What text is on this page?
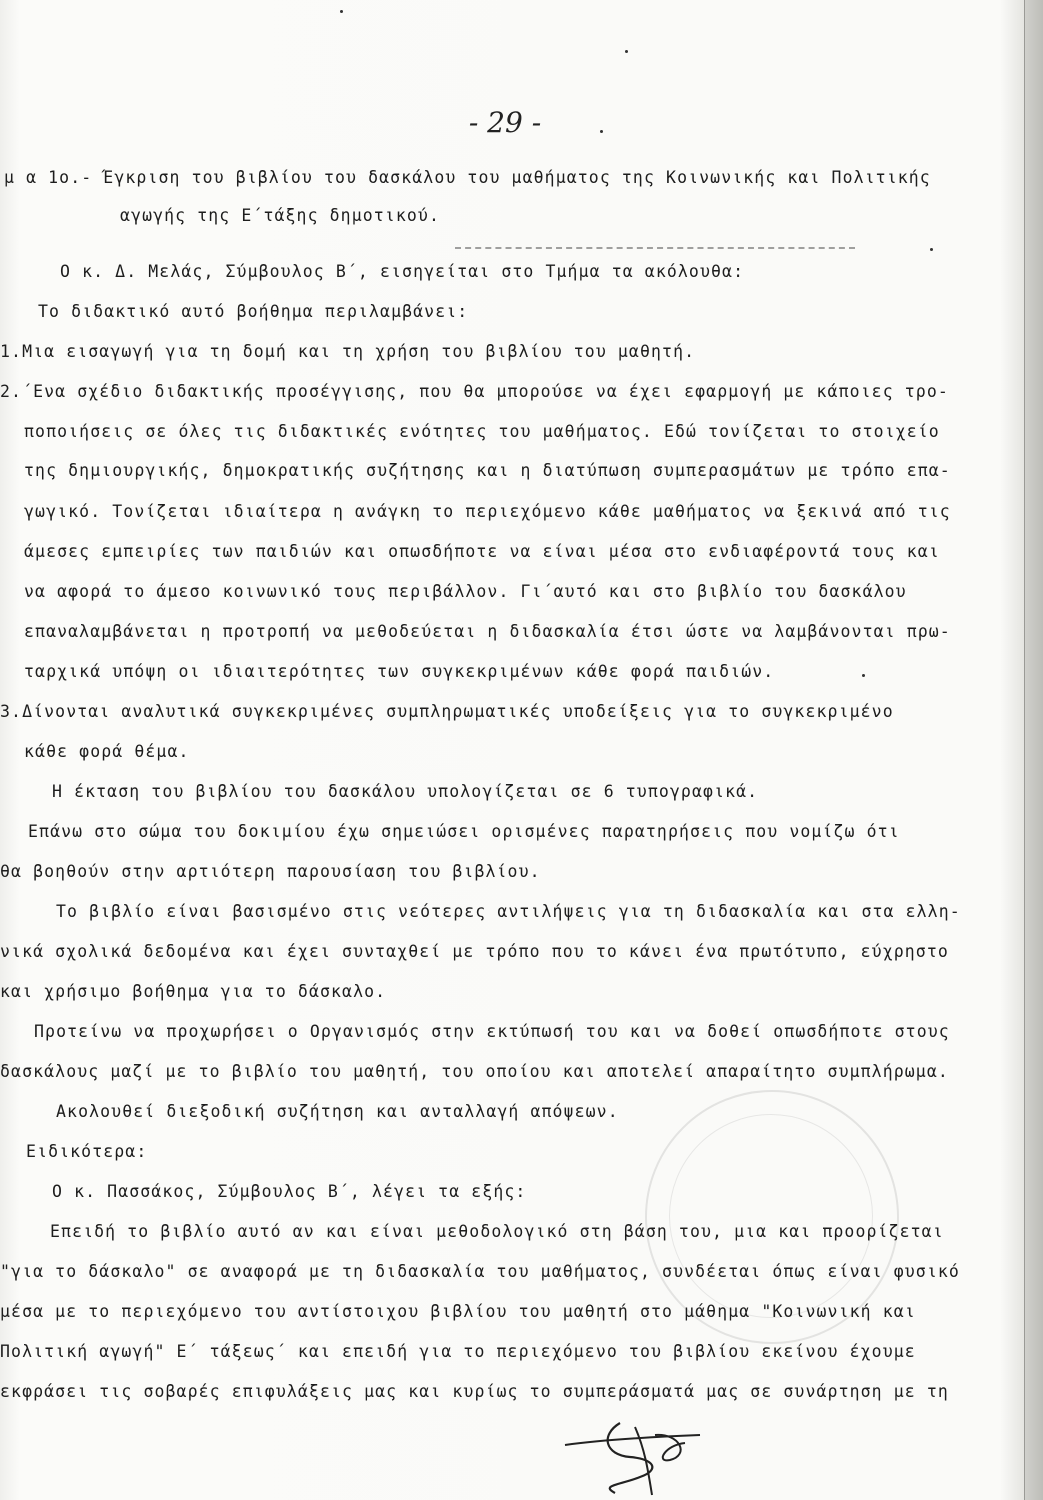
- 29 -
μ α 1ο.- Έγκριση του βιβλίου του δασκάλου του μαθήματος της Κοινωνικής και Πολιτικής
αγωγής της Ε΄τάξης δημοτικού.
Ο κ. Δ. Μελάς, Σύμβουλος Β΄, εισηγείται στο Τμήμα τα ακόλουθα:
Το διδακτικό αυτό βοήθημα περιλαμβάνει:
1.Μια εισαγωγή για τη δομή και τη χρήση του βιβλίου του μαθητή.
2.΄Ενα σχέδιο διδακτικής προσέγγισης, που θα μπορούσε να έχει εφαρμογή με κάποιες τρο-
ποποιήσεις σε όλες τις διδακτικές ενότητες του μαθήματος. Εδώ τονίζεται το στοιχείο
της δημιουργικής, δημοκρατικής συζήτησης και η διατύπωση συμπερασμάτων με τρόπο επα-
γωγικό. Τονίζεται ιδιαίτερα η ανάγκη το περιεχόμενο κάθε μαθήματος να ξεκινά από τις
άμεσες εμπειρίες των παιδιών και οπωσδήποτε να είναι μέσα στο ενδιαφέροντά τους και
να αφορά το άμεσο κοινωνικό τους περιβάλλον. Γι΄αυτό και στο βιβλίο του δασκάλου
επαναλαμβάνεται η προτροπή να μεθοδεύεται η διδασκαλία έτσι ώστε να λαμβάνονται πρω-
ταρχικά υπόψη οι ιδιαιτερότητες των συγκεκριμένων κάθε φορά παιδιών.
3.Δίνονται αναλυτικά συγκεκριμένες συμπληρωματικές υποδείξεις για το συγκεκριμένο
κάθε φορά θέμα.
Η έκταση του βιβλίου του δασκάλου υπολογίζεται σε 6 τυπογραφικά.
Επάνω στο σώμα του δοκιμίου έχω σημειώσει ορισμένες παρατηρήσεις που νομίζω ότι
θα βοηθούν στην αρτιότερη παρουσίαση του βιβλίου.
Το βιβλίο είναι βασισμένο στις νεότερες αντιλήψεις για τη διδασκαλία και στα ελλη-
νικά σχολικά δεδομένα και έχει συνταχθεί με τρόπο που το κάνει ένα πρωτότυπο, εύχρηστο
και χρήσιμο βοήθημα για το δάσκαλο.
Προτείνω να προχωρήσει ο Οργανισμός στην εκτύπωσή του και να δοθεί οπωσδήποτε στους
δασκάλους μαζί με το βιβλίο του μαθητή, του οποίου και αποτελεί απαραίτητο συμπλήρωμα.
Ακολουθεί διεξοδική συζήτηση και ανταλλαγή απόψεων.
Ειδικότερα:
Ο κ. Πασσάκος, Σύμβουλος Β΄, λέγει τα εξής:
Επειδή το βιβλίο αυτό αν και είναι μεθοδολογικό στη βάση του, μια και προορίζεται
"για το δάσκαλο" σε αναφορά με τη διδασκαλία του μαθήματος, συνδέεται όπως είναι φυσικό
μέσα με το περιεχόμενο του αντίστοιχου βιβλίου του μαθητή στο μάθημα "Κοινωνική και
Πολιτική αγωγή" Ε΄ τάξεως΄ και επειδή για το περιεχόμενο του βιβλίου εκείνου έχουμε
εκφράσει τις σοβαρές επιφυλάξεις μας και κυρίως το συμπεράσματά μας σε συνάρτηση με τη
